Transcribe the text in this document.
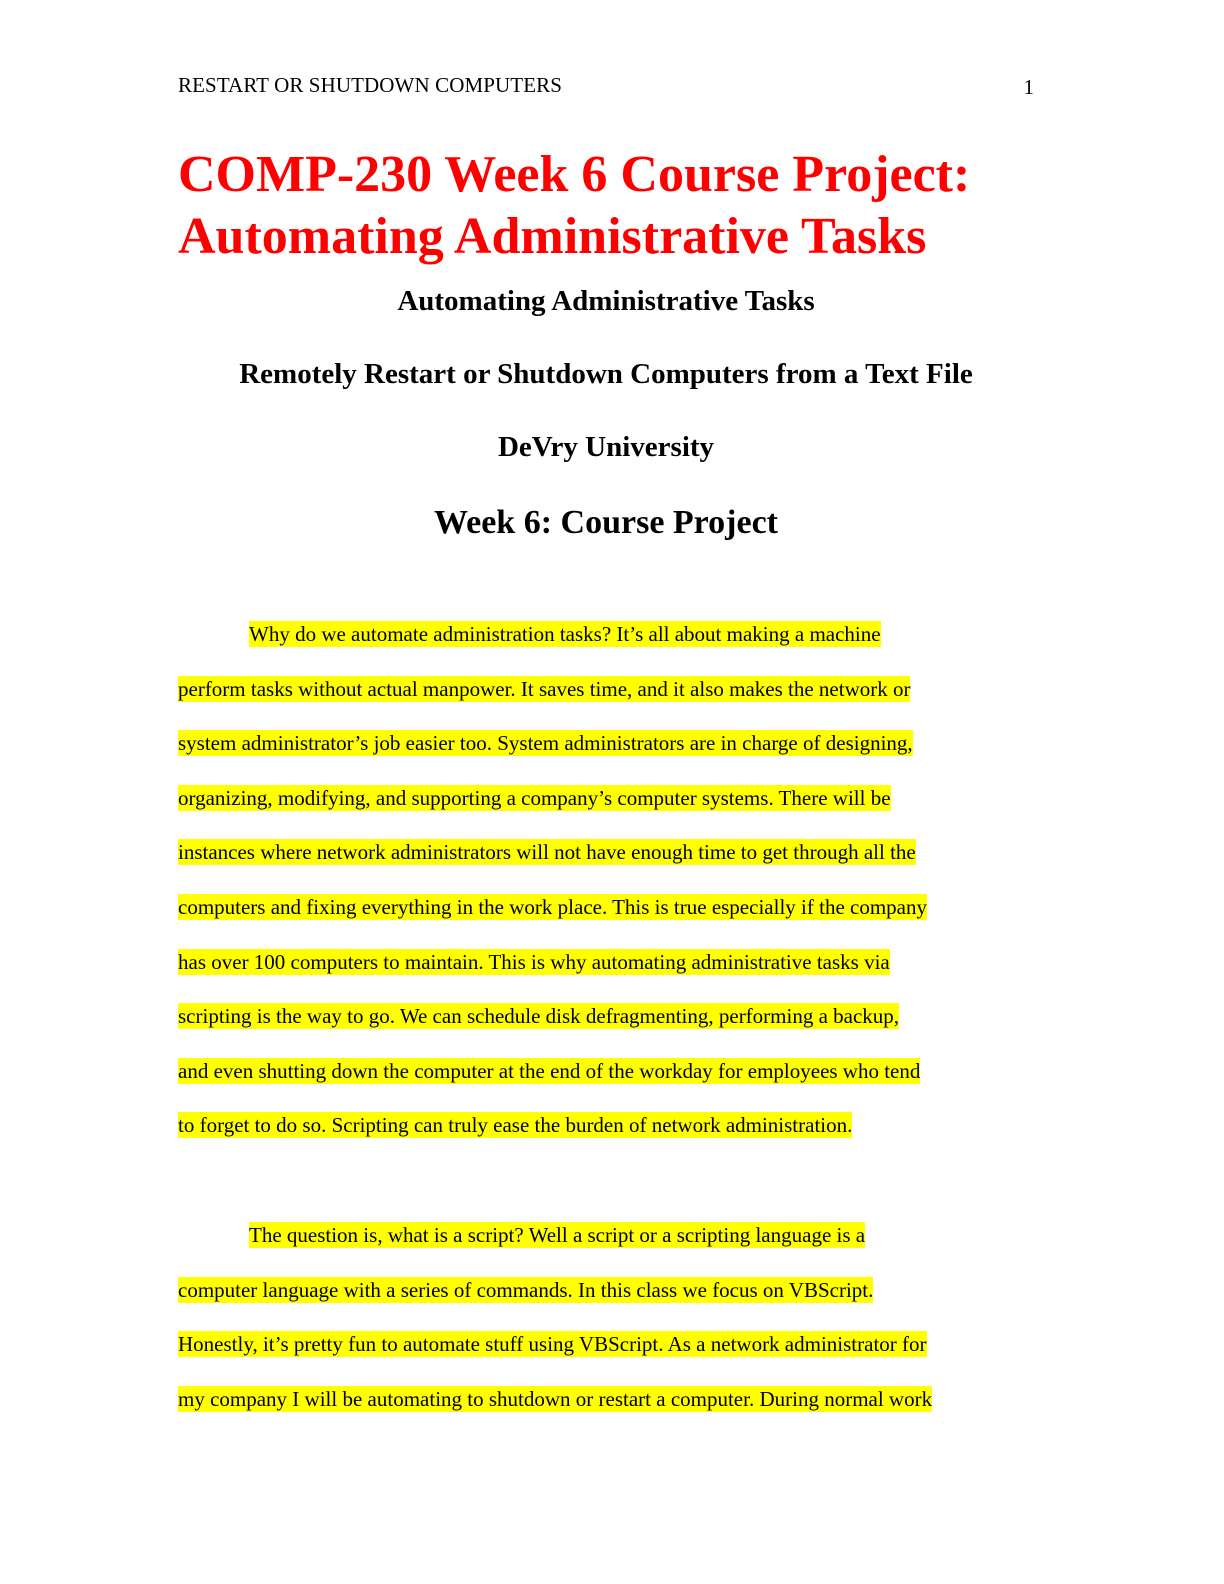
RESTART OR SHUTDOWN COMPUTERS	1
COMP-230 Week 6 Course Project:
Automating Administrative Tasks
Automating Administrative Tasks
Remotely Restart or Shutdown Computers from a Text File
DeVry University
Week 6: Course Project
Why do we automate administration tasks? It’s all about making a machine
perform tasks without actual manpower. It saves time, and it also makes the network or
system administrator’s job easier too. System administrators are in charge of designing,
organizing, modifying, and supporting a company’s computer systems. There will be
instances where network administrators will not have enough time to get through all the
computers and fixing everything in the work place. This is true especially if the company
has over 100 computers to maintain. This is why automating administrative tasks via
scripting is the way to go. We can schedule disk defragmenting, performing a backup,
and even shutting down the computer at the end of the workday for employees who tend
to forget to do so. Scripting can truly ease the burden of network administration.
The question is, what is a script? Well a script or a scripting language is a
computer language with a series of commands. In this class we focus on VBScript.
Honestly, it’s pretty fun to automate stuff using VBScript. As a network administrator for
my company I will be automating to shutdown or restart a computer. During normal work
